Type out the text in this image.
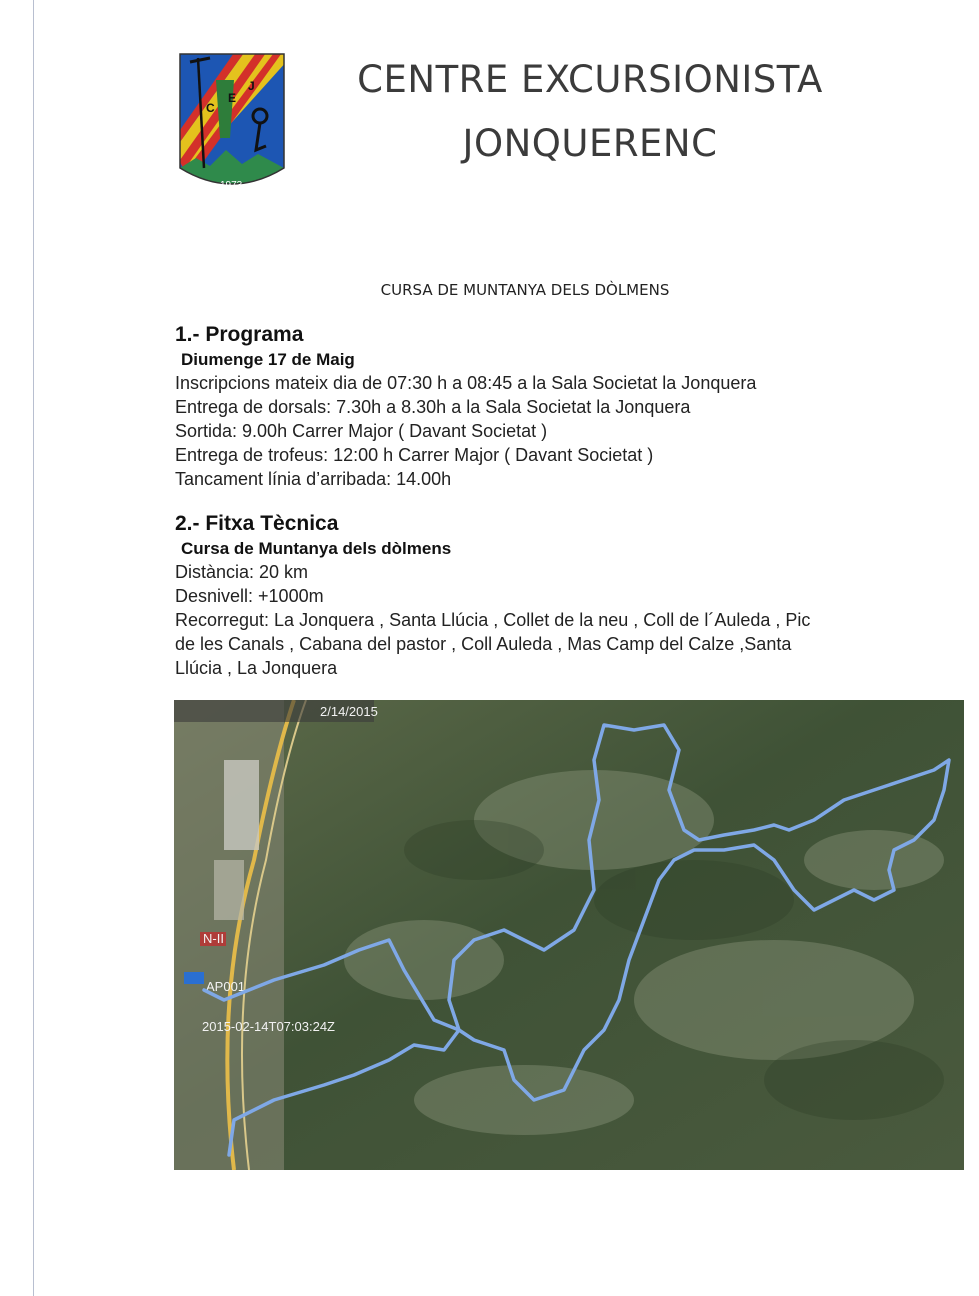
C
E
J
1973
CENTRE EXCURSIONISTA
JONQUERENC
CURSA DE MUNTANYA DELS DÒLMENS
1.- Programa
Diumenge 17 de Maig
Inscripcions mateix dia de 07:30 h a 08:45 a la Sala Societat la Jonquera
Entrega de dorsals: 7.30h a 8.30h a la Sala Societat la Jonquera
Sortida: 9.00h Carrer Major ( Davant Societat )
Entrega de trofeus: 12:00 h Carrer Major ( Davant Societat )
Tancament línia d’arribada: 14.00h
2.- Fitxa Tècnica
Cursa de Muntanya dels dòlmens
Distància: 20 km
Desnivell: +1000m
Recorregut: La Jonquera , Santa Llúcia , Collet de la neu , Coll de l´Auleda , Pic
de les Canals , Cabana del pastor , Coll Auleda , Mas Camp del Calze ,Santa
Llúcia , La Jonquera
2/14/2015
N-II
AP001
2015-02-14T07:03:24Z
